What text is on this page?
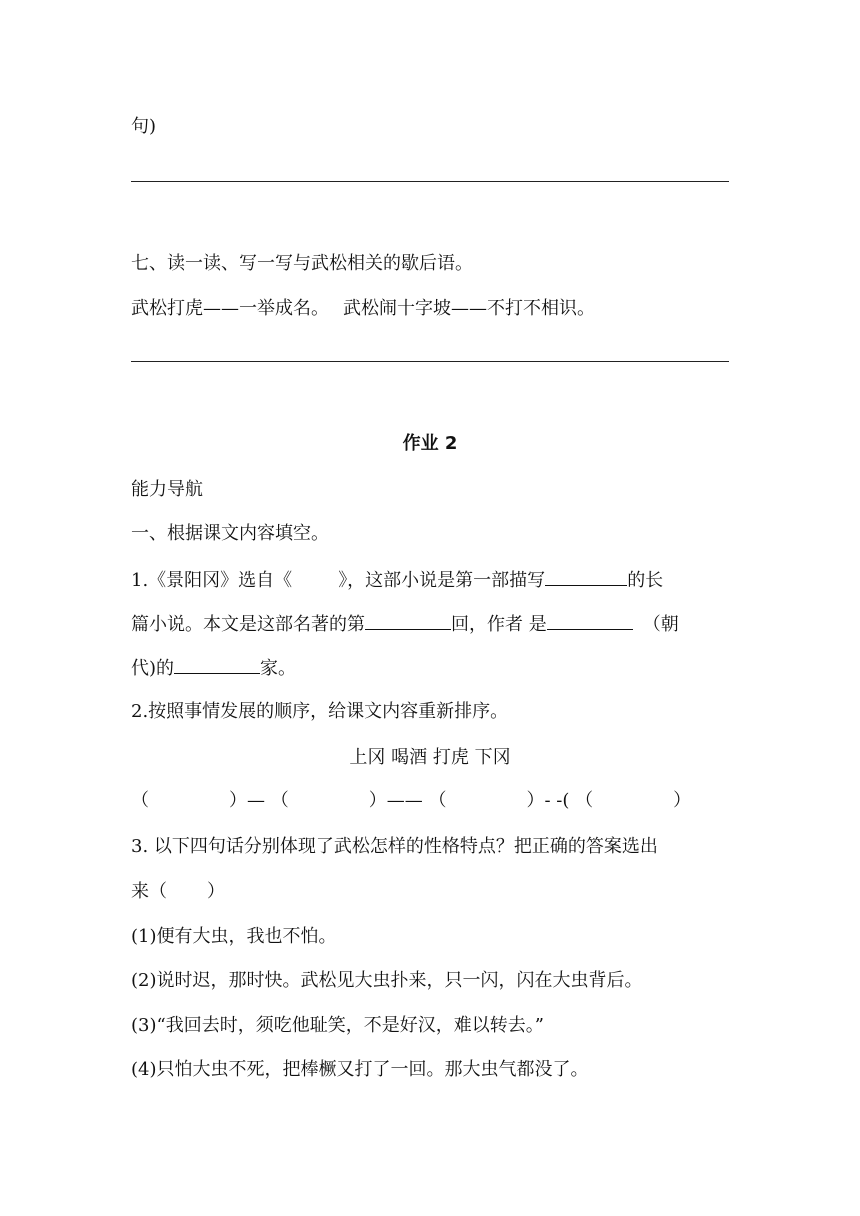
句)
七、读一读、写一写与武松相关的歇后语。
武松打虎——一举成名。 武松闹十字坡——不打不相识。
作业 2
能力导航
一、根据课文内容填空。
1.《景阳冈》选自《	》，这部小说是第一部描写	的长
篇小说。本文是这部名著的第	回，作者 是	（朝
代)的	家。
2.按照事情发展的顺序，给课文内容重新排序。
上冈 喝酒 打虎 下冈
（	）— （	）—— （	）- -( （	）
3. 以下四句话分别体现了武松怎样的性格特点？把正确的答案选出
来（ ）
(1)便有大虫，我也不怕。
(2)说时迟，那时快。武松见大虫扑来，只一闪，闪在大虫背后。
(3)“我回去时，须吃他耻笑，不是好汉，难以转去。”
(4)只怕大虫不死，把棒橛又打了一回。那大虫气都没了。
